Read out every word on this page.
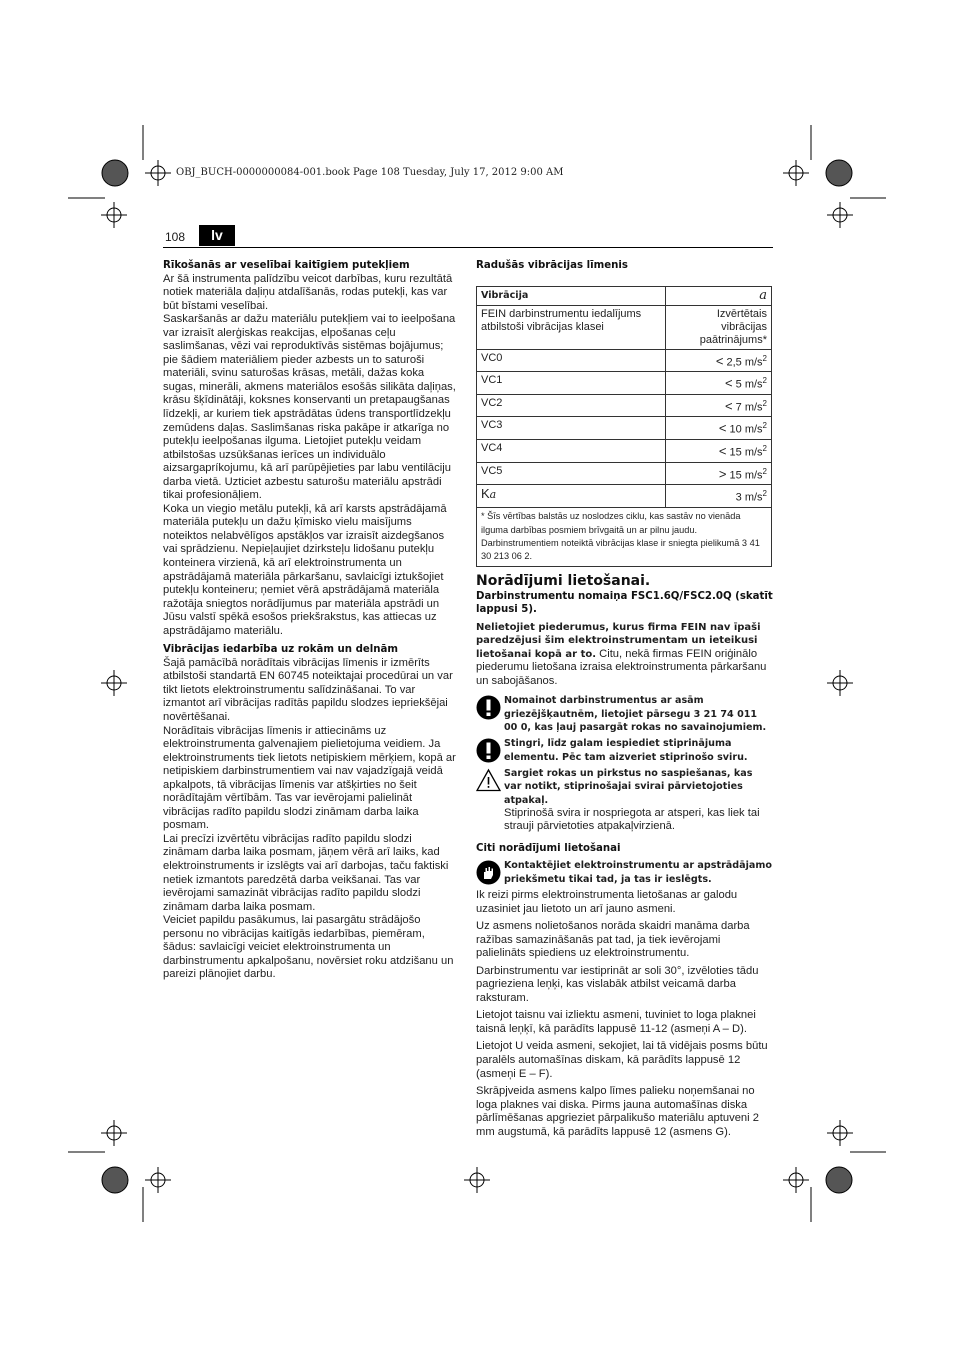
OBJ_BUCH-0000000084-001.book Page 108 Tuesday, July 17, 2012 9:00 AM
108	lv

Rīkošanās ar veselībai kaitīgiem putekļiem

Ar šā instrumenta palīdzību veicot darbības, kuru rezultātā notiek materiāla daļiņu atdalīšanās, rodas putekļi, kas var būt bīstami veselībai.

Saskaršanās ar dažu materiālu putekļiem vai to ieelpošana var izraisīt alerģiskas reakcijas, elpošanas ceļu saslimšanas, vēzi vai reproduktīvās sistēmas bojājumus; pie šādiem materiāliem pieder azbests un to saturoši materiāli, svinu saturošas krāsas, metāli, dažas koka sugas, minerāli, akmens materiālos esošās silikāta daļiņas, krāsu šķīdinātāji, koksnes konservanti un pretapaugšanas līdzekļi, ar kuriem tiek apstrādātas ūdens transportlīdzekļu zemūdens daļas. Saslimšanas riska pakāpe ir atkarīga no putekļu ieelpošanas ilguma. Lietojiet putekļu veidam atbilstošas uzsūkšanas ierīces un individuālo aizsargapríkojumu, kā arī parūpējieties par labu ventilāciju darba vietā. Uzticiet azbestu saturošu materiālu apstrādi tikai profesionāļiem.

Koka un viegio metālu putekļi, kā arī karsts apstrādājamā materiāla putekļu un dažu ķīmisko vielu maisījums noteiktos nelabvēlīgos apstākļos var izraisīt aizdegšanos vai sprādzienu. Nepieļaujiet dzirksteļu lidošanu putekļu konteinera virzienā, kā arī elektroinstrumenta un apstrādājamā materiāla pārkaršanu, savlaicīgi iztukšojiet putekļu konteineru; ņemiet vērā apstrādājamā materiāla ražotāja sniegtos norādījumus par materiāla apstrādi un Jūsu valstī spēkā esošos priekšrakstus, kas attiecas uz apstrādājamo materiālu.

Vibrācijas iedarbība uz rokām un delnām

Šajā pamācībā norādītais vibrācijas līmenis ir izmērīts atbilstoši standartā EN 60745 noteiktajai procedūrai un var tikt lietots elektroinstrumentu salīdzināšanai. To var izmantot arī vibrācijas radītās papildu slodzes iepriekšējai novērtēšanai.

Norādītais vibrācijas līmenis ir attiecināms uz elektroinstrumenta galvenajiem pielietojuma veidiem. Ja elektroinstruments tiek lietots netipiskiem mērķiem, kopā ar netipiskiem darbinstrumentiem vai nav vajadzīgajā veidā apkalpots, tā vibrācijas līmenis var atšķirties no šeit norādītajām vērtībām. Tas var ievērojami palielināt vibrācijas radīto papildu slodzi zināmam darba laika posmam.

Lai precīzi izvērtētu vibrācijas radīto papildu slodzi zināmam darba laika posmam, jāņem vērā arī laiks, kad elektroinstruments ir izslēgts vai arī darbojas, taču faktiski netiek izmantots paredzētā darba veikšanai. Tas var ievērojami samazināt vibrācijas radīto papildu slodzi zināmam darba laika posmam.

Veiciet papildu pasākumus, lai pasargātu strādājošo personu no vibrācijas kaitīgās iedarbības, piemēram, šādus: savlaicīgi veiciet elektroinstrumenta un darbinstrumentu apkalpošanu, novērsiet roku atdzišanu un pareizi plānojiet darbu.

Radušās vibrācijas līmenis

Vibrācija	a
FEIN darbinstrumentu iedalījums atbilstoši vibrācijas klasei	Izvērtētais vibrācijas paātrinājums*
VC0	< 2,5 $m/s^2$
VC1	< 5 $m/s^2$
VC2	< 7 $m/s^2$
VC3	< 10 $m/s^2$
VC4	< 15 $m/s^2$
VC5	> 15 $m/s^2$
Ka	3 $m/s^2$

* Šīs vērtības balstās uz noslodzes ciklu, kas sastāv no vienāda ilguma darbības posmiem brīvgaitā un ar pilnu jaudu.
Darbinstrumentiem noteiktā vibrācijas klase ir sniegta pielikumā 3 41 30 213 06 2.	

Norādījumi lietošanai.

Darbinstrumentu nomaiņa FSC1.6Q/FSC2.0Q (skatīt lappusi 5).

Nelietojiet piederumus, kurus firma FEIN nav īpaši paredzējusi šim elektroinstrumentam un ieteikusi lietošanai kopā ar to. Citu, nekā firmas FEIN oriģinālo piederumu lietošana izraisa elektroinstrumenta pārkaršanu un sabojāšanos.

Nomainot darbinstrumentus ar asām griezējšķautnēm, lietojiet pārsegu 3 21 74 011 00 0, kas ļauj pasargāt rokas no savainojumiem.
Stingri, līdz galam iespiediet stiprinājuma elementu. Pēc tam aizveriet stiprinošo sviru.
Sargiet rokas un pirkstus no saspiešanas, kas var notikt, stiprinošajai svirai pārvietojoties atpakaļ.
Stiprinošā svira ir nospriegota ar atsperi, kas liek tai strauji pārvietoties atpakaļvirzienā.

Citi norādījumi lietošanai

Kontaktējiet elektroinstrumentu ar apstrādājamo priekšmetu tikai tad, ja tas ir ieslēgts.

Ik reizi pirms elektroinstrumenta lietošanas ar galodu uzasiniet jau lietoto un arī jauno asmeni.

Uz asmens nolietošanos norāda skaidri manāma darba ražības samazināšanās pat tad, ja tiek ievērojami palielināts spiediens uz elektroinstrumentu.

Darbinstrumentu var iestiprināt ar soli 30°, izvēloties tādu pagrieziena leņķi, kas vislabāk atbilst veicamā darba raksturam.

Lietojot taisnu vai izliektu asmeni, tuviniet to loga plaknei taisnā leņķī, kā parādīts lappusē 11-12 (asmeņi A – D).

Lietojot U veida asmeni, sekojiet, lai tā vidējais posms būtu paralēls automašīnas diskam, kā parādīts lappusē 12 (asmeņi E – F).

Skrāpjveida asmens kalpo līmes palieku noņemšanai no loga plaknes vai diska. Pirms jauna automašīnas diska pārlīmēšanas apgrieziet pārpalikušo materiālu aptuveni 2 mm augstumā, kā parādīts lappusē 12 (asmens G).
